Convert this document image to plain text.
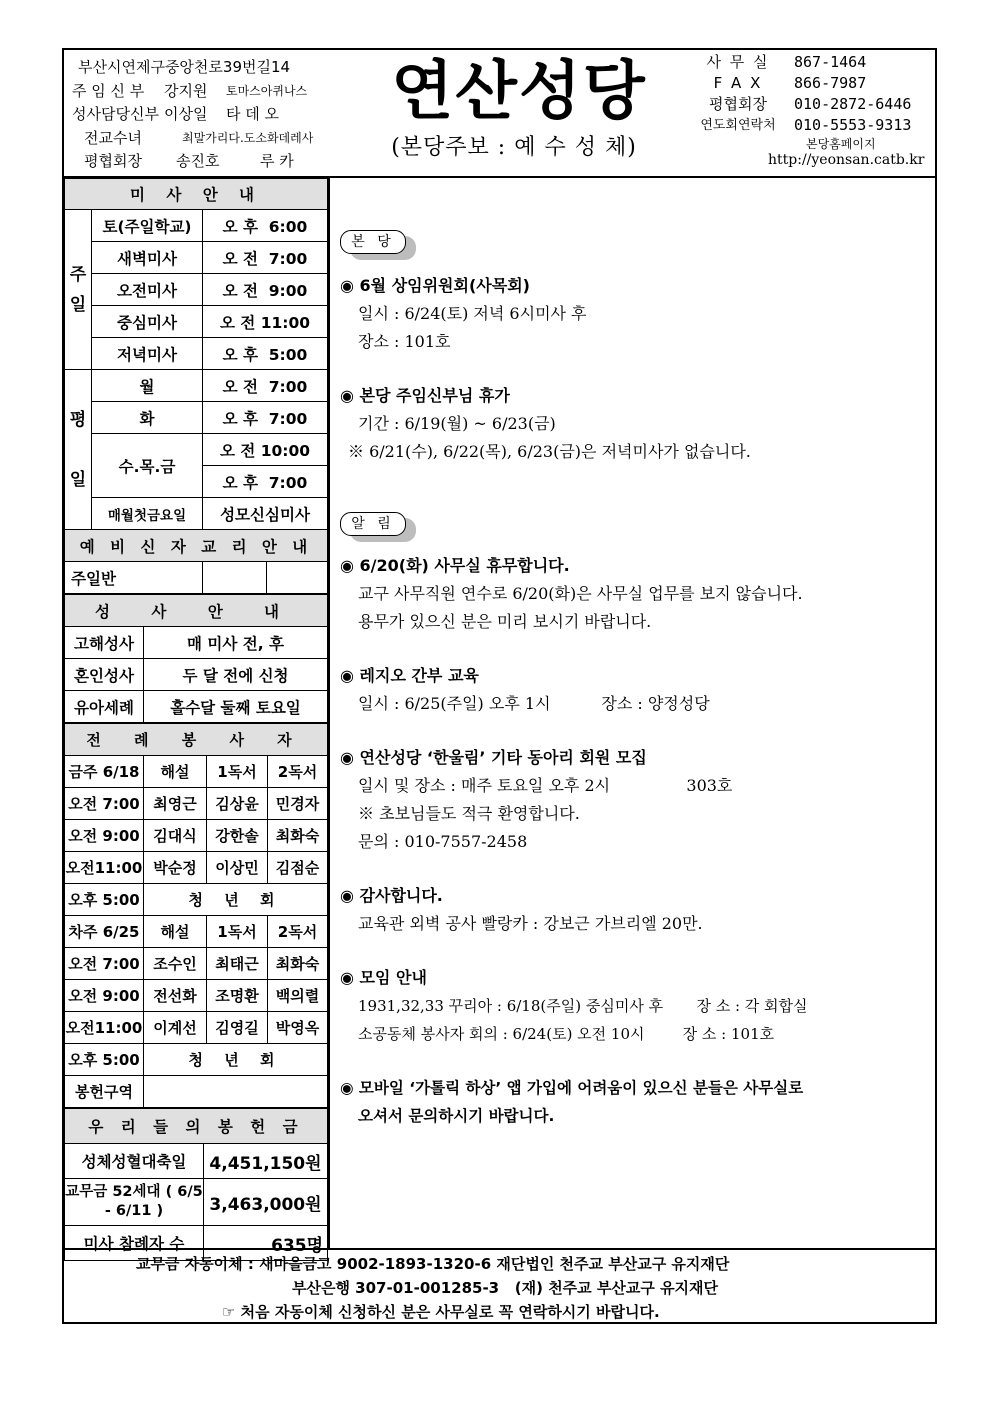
부산시연제구중앙천로39번길14
주 임 신 부	강지원	토마스아퀴나스
성사담당신부 이상일	타 데 오
전교수녀	최말가리다.도소화데레사
평협회장	송진호	루 카
연산성당
(본당주보 : 예 수 성 체)
사 무 실	867-1464
F A X	866-7987
평협회장	010-2872-6446
연도회연락처	010-5553-9313
본당홈페이지
http://yeonsan.catb.kr
미 사 안 내			
주
일	토(주일학교)	오 후  6:00	
	새벽미사	오 전  7:00	
	오전미사	오 전  9:00	
	중심미사	오 전 11:00	
	저녁미사	오 후  5:00	
평

일	월	오 전  7:00	
	화	오 후  7:00	
	수.목.금	오 전 10:00	
		오 후  7:00	
	매월첫금요일	성모신심미사	
예 비 신 자 교 리 안 내			
주일반			
성 사 안 내	
고해성사	매 미사 전, 후
혼인성사	두 달 전에 신청
유아세례	홀수달 둘째 토요일
전 례 봉 사 자			
금주 6/18	해설	1독서	2독서
오전 7:00	최영근	김상윤	민경자
오전 9:00	김대식	강한솔	최화숙
오전11:00	박순정	이상민	김점순
오후 5:00	청 년 회		
차주 6/25	해설	1독서	2독서
오전 7:00	조수인	최태근	최화숙
오전 9:00	전선화	조명환	백의렬
오전11:00	이계선	김영길	박영옥
오후 5:00	청 년 회		
봉헌구역			
우 리 들 의 봉 헌 금	
성체성혈대축일	4,451,150원
교무금 52세대 ( 6/5 - 6/11 )	3,463,000원
미사 참례자 수	635명
본 당
◉ 6월 상임위원회(사목회)
일시 : 6/24(토) 저녁 6시미사 후
장소 : 101호
◉ 본당 주임신부님 휴가
기간 : 6/19(월) ~ 6/23(금)
※ 6/21(수), 6/22(목), 6/23(금)은 저녁미사가 없습니다.
알 림
◉ 6/20(화) 사무실 휴무합니다.
교구 사무직원 연수로 6/20(화)은 사무실 업무를 보지 않습니다.
용무가 있으신 분은 미리 보시기 바랍니다.
◉ 레지오 간부 교육
일시 : 6/25(주일) 오후 1시          장소 : 양정성당
◉ 연산성당 ‘한울림’ 기타 동아리 회원 모집
일시 및 장소 : 매주 토요일 오후 2시               303호
※ 초보님들도 적극 환영합니다.
문의 : 010-7557-2458
◉ 감사합니다.
교육관 외벽 공사 빨랑카 : 강보근 가브리엘 20만.
◉ 모임 안내
1931,32,33 꾸리아 : 6/18(주일) 중심미사 후       장 소 : 각 회합실
소공동체 봉사자 회의 : 6/24(토) 오전 10시        장 소 : 101호
◉ 모바일 ‘가톨릭 하상’ 앱 가입에 어려움이 있으신 분들은 사무실로
오셔서 문의하시기 바랍니다.
교무금 자동이체 : 새마을금고 9002-1893-1320-6 재단법인 천주교 부산교구 유지재단
부산은행 307-01-001285-3   (재) 천주교 부산교구 유지재단
☞ 처음 자동이체 신청하신 분은 사무실로 꼭 연락하시기 바랍니다.
